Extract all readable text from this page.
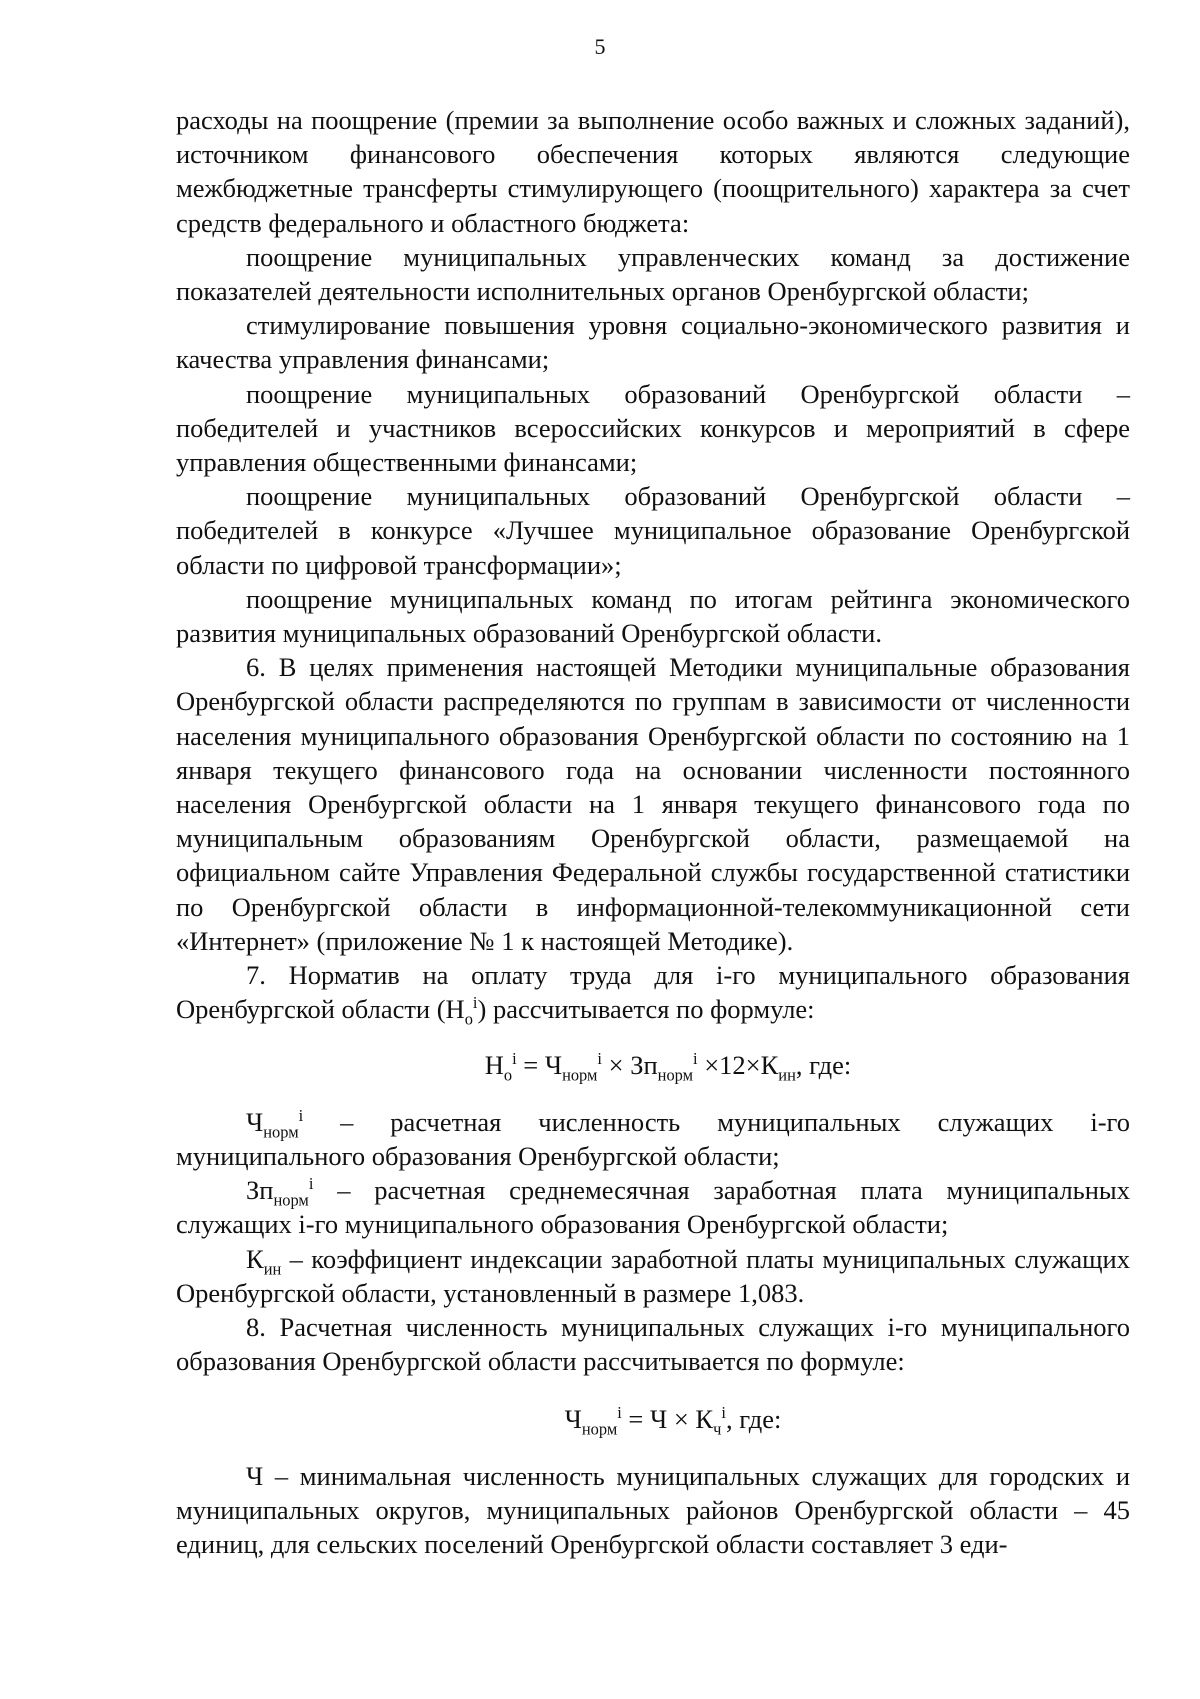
5

расходы на поощрение (премии за выполнение особо важных и сложных заданий), источником финансового обеспечения которых являются следующие межбюджетные трансферты стимулирующего (поощрительного) характера за счет средств федерального и областного бюджета:

поощрение муниципальных управленческих команд за достижение показателей деятельности исполнительных органов Оренбургской области;

стимулирование повышения уровня социально-экономического развития и качества управления финансами;

поощрение муниципальных образований Оренбургской области – победителей и участников всероссийских конкурсов и мероприятий в сфере управления общественными финансами;

поощрение муниципальных образований Оренбургской области – победителей в конкурсе «Лучшее муниципальное образование Оренбургской области по цифровой трансформации»;

поощрение муниципальных команд по итогам рейтинга экономического развития муниципальных образований Оренбургской области.

6. В целях применения настоящей Методики муниципальные образования Оренбургской области распределяются по группам в зависимости от численности населения муниципального образования Оренбургской области по состоянию на 1 января текущего финансового года на основании численности постоянного населения Оренбургской области на 1 января текущего финансового года по муниципальным образованиям Оренбургской области, размещаемой на официальном сайте Управления Федеральной службы государственной статистики по Оренбургской области в информационной-телекоммуникационной сети «Интернет» (приложение № 1 к настоящей Методике).

7. Норматив на оплату труда для i-го муниципального образования Оренбургской области $(Н_о^i)$ рассчитывается по формуле:

$Н_о^i = Ч_{норм}^i \times Зп_{норм}^i \times 12\times К_{ин}$, где:

$Ч_{норм}^i$ – расчетная численность муниципальных служащих i-го муниципального образования Оренбургской области;

$Зп_{норм}^i$ – расчетная среднемесячная заработная плата муниципальных служащих i-го муниципального образования Оренбургской области;

$К_{ин}$ – коэффициент индексации заработной платы муниципальных служащих Оренбургской области, установленный в размере 1,083.

8. Расчетная численность муниципальных служащих i-го муниципального образования Оренбургской области рассчитывается по формуле:

$Ч_{норм}^i = Ч \times К_ч^i$, где:

Ч – минимальная численность муниципальных служащих для городских и муниципальных округов, муниципальных районов Оренбургской области – 45 единиц, для сельских поселений Оренбургской области составляет 3 еди-
